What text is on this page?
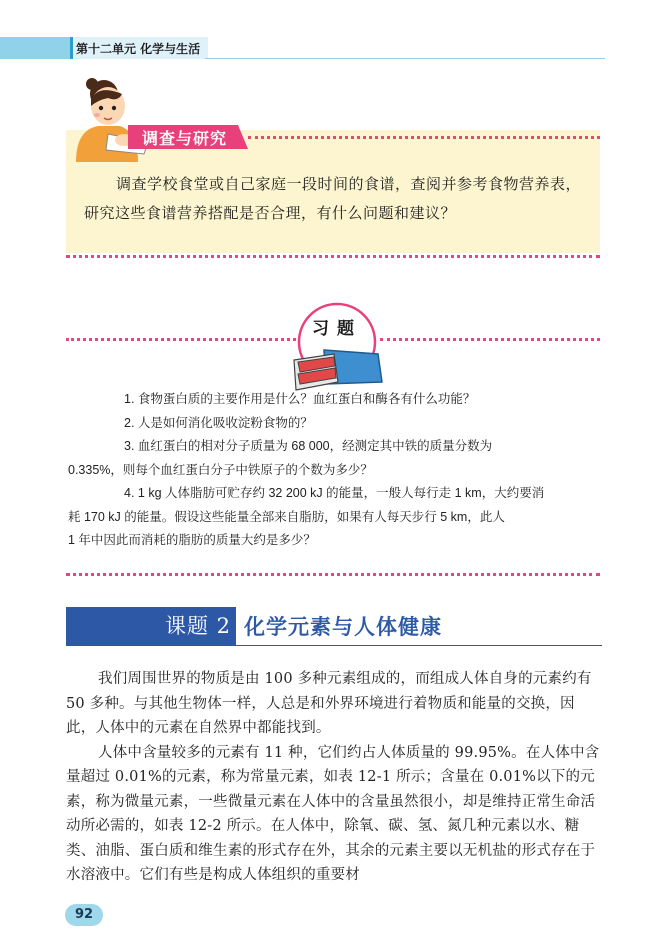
第十二单元 化学与生活
调查与研究
调查学校食堂或自己家庭一段时间的食谱，查阅并参考食物营养表，研究这些食谱营养搭配是否合理，有什么问题和建议？
习题

1. 食物蛋白质的主要作用是什么？血红蛋白和酶各有什么功能？

2. 人是如何消化吸收淀粉食物的？

3. 血红蛋白的相对分子质量为 68 000，经测定其中铁的质量分数为

0.335%，则每个血红蛋白分子中铁原子的个数为多少？

4. 1 kg 人体脂肪可贮存约 32 200 kJ 的能量，一般人每行走 1 km，大约要消

耗 170 kJ 的能量。假设这些能量全部来自脂肪，如果有人每天步行 5 km，此人

1 年中因此而消耗的脂肪的质量大约是多少？

课题 2 化学元素与人体健康

我们周围世界的物质是由 100 多种元素组成的，而组成人体自身的元素约有 50 多种。与其他生物体一样，人总是和外界环境进行着物质和能量的交换，因此，人体中的元素在自然界中都能找到。

人体中含量较多的元素有 11 种，它们约占人体质量的 99.95%。在人体中含量超过 0.01%的元素，称为常量元素，如表 12-1 所示；含量在 0.01%以下的元素，称为微量元素，一些微量元素在人体中的含量虽然很小，却是维持正常生命活动所必需的，如表 12-2 所示。在人体中，除氧、碳、氢、氮几种元素以水、糖类、油脂、蛋白质和维生素的形式存在外，其余的元素主要以无机盐的形式存在于水溶液中。它们有些是构成人体组织的重要材

92
